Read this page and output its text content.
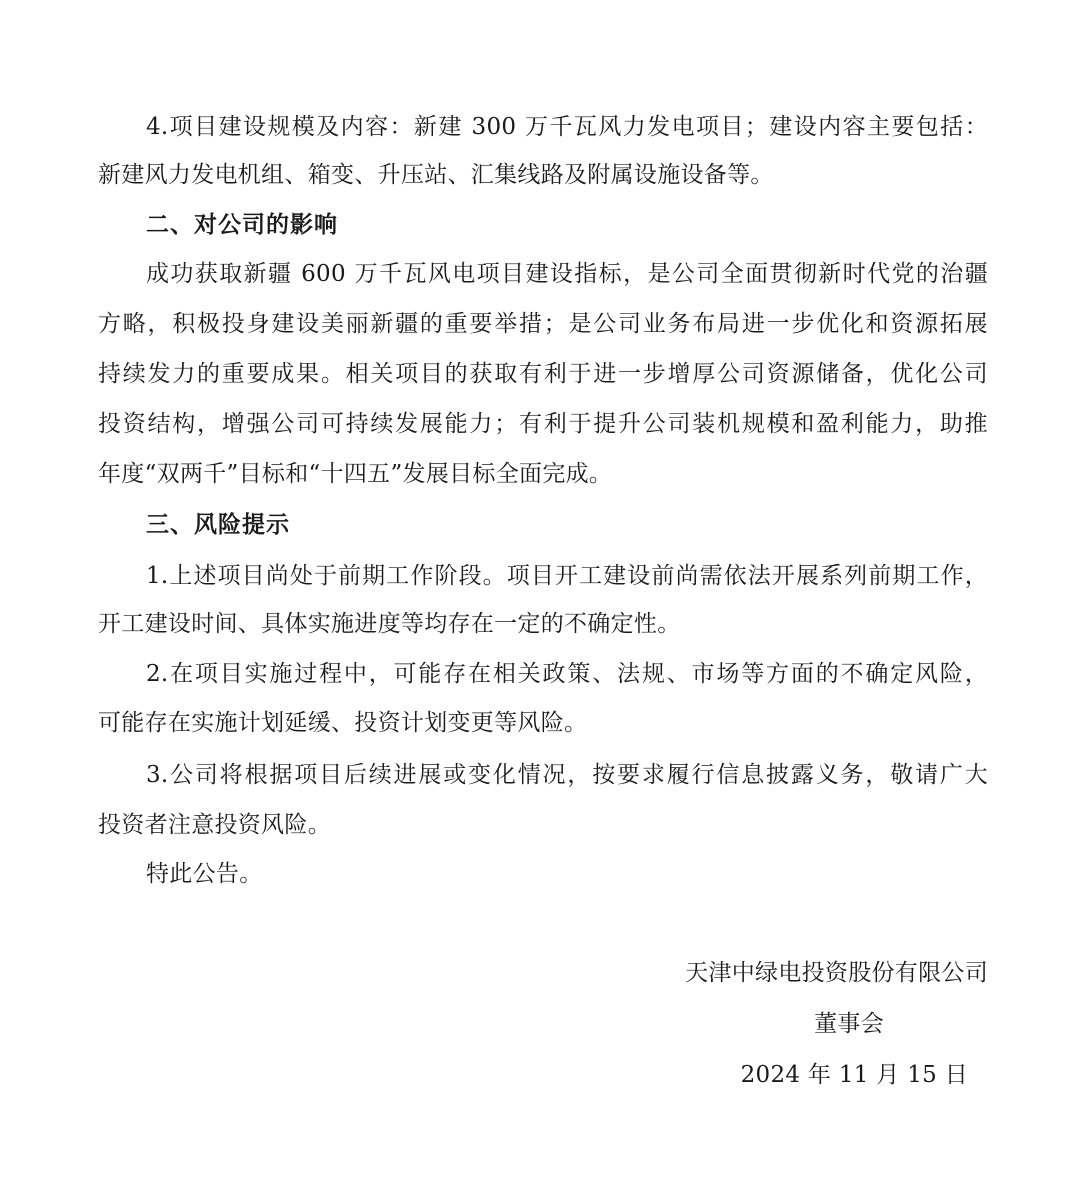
4.项目建设规模及内容：新建 300 万千瓦风力发电项目；建设内容主要包括：
新建风力发电机组、箱变、升压站、汇集线路及附属设施设备等。
二、对公司的影响
成功获取新疆 600 万千瓦风电项目建设指标，是公司全面贯彻新时代党的治疆
方略，积极投身建设美丽新疆的重要举措；是公司业务布局进一步优化和资源拓展
持续发力的重要成果。相关项目的获取有利于进一步增厚公司资源储备，优化公司
投资结构，增强公司可持续发展能力；有利于提升公司装机规模和盈利能力，助推
年度“双两千”目标和“十四五”发展目标全面完成。
三、风险提示
1.上述项目尚处于前期工作阶段。项目开工建设前尚需依法开展系列前期工作，
开工建设时间、具体实施进度等均存在一定的不确定性。
2.在项目实施过程中，可能存在相关政策、法规、市场等方面的不确定风险，
可能存在实施计划延缓、投资计划变更等风险。
3.公司将根据项目后续进展或变化情况，按要求履行信息披露义务，敬请广大
投资者注意投资风险。
特此公告。
天津中绿电投资股份有限公司
董事会
2024 年 11 月 15 日
